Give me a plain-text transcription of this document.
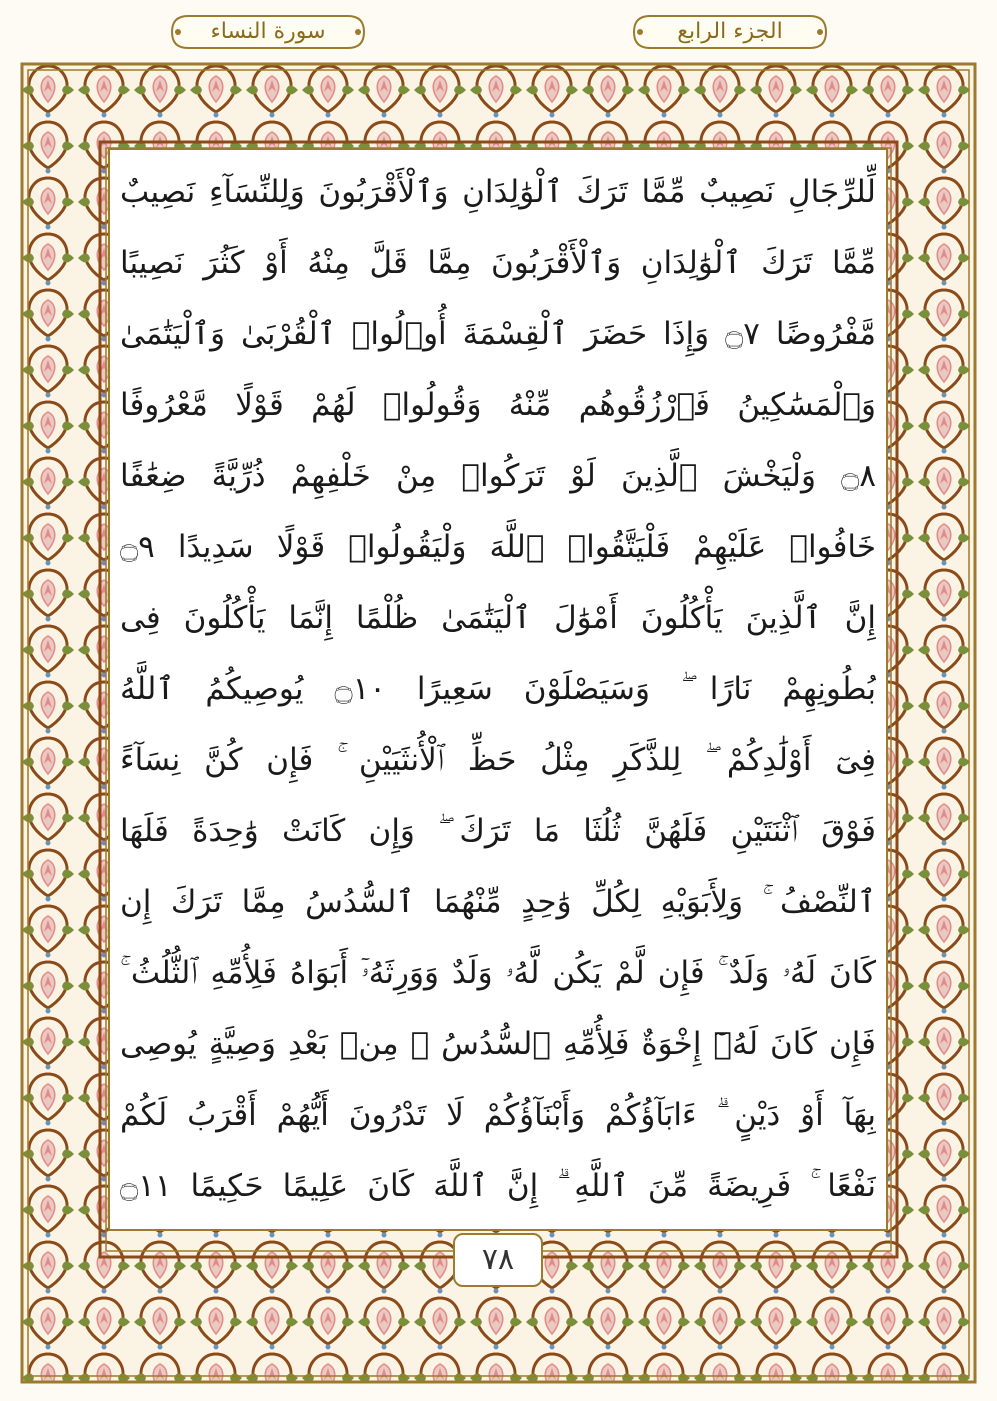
سورة النساء	الجزء الرابع
لِّلرِّجَالِ نَصِيبٌ مِّمَّا تَرَكَ ٱلْوَٰلِدَانِ وَٱلْأَقْرَبُونَ وَلِلنِّسَآءِ نَصِيبٌ
مِّمَّا تَرَكَ ٱلْوَٰلِدَانِ وَٱلْأَقْرَبُونَ مِمَّا قَلَّ مِنْهُ أَوْ كَثُرَ نَصِيبًا
مَّفْرُوضًا ۝٧ وَإِذَا حَضَرَ ٱلْقِسْمَةَ أُو۟لُوا۟ ٱلْقُرْبَىٰ وَٱلْيَتَٰمَىٰ
وَٱلْمَسَٰكِينُ فَٱرْزُقُوهُم مِّنْهُ وَقُولُوا۟ لَهُمْ قَوْلًا مَّعْرُوفًا
۝٨ وَلْيَخْشَ ٱلَّذِينَ لَوْ تَرَكُوا۟ مِنْ خَلْفِهِمْ ذُرِّيَّةً ضِعَٰفًا
خَافُوا۟ عَلَيْهِمْ فَلْيَتَّقُوا۟ ٱللَّهَ وَلْيَقُولُوا۟ قَوْلًا سَدِيدًا ۝٩
إِنَّ ٱلَّذِينَ يَأْكُلُونَ أَمْوَٰلَ ٱلْيَتَٰمَىٰ ظُلْمًا إِنَّمَا يَأْكُلُونَ فِى
بُطُونِهِمْ نَارًا ۖ وَسَيَصْلَوْنَ سَعِيرًا ۝١٠ يُوصِيكُمُ ٱللَّهُ
فِىٓ أَوْلَٰدِكُمْ ۖ لِلذَّكَرِ مِثْلُ حَظِّ ٱلْأُنثَيَيْنِ ۚ فَإِن كُنَّ نِسَآءً
فَوْقَ ٱثْنَتَيْنِ فَلَهُنَّ ثُلُثَا مَا تَرَكَ ۖ وَإِن كَانَتْ وَٰحِدَةً فَلَهَا
ٱلنِّصْفُ ۚ وَلِأَبَوَيْهِ لِكُلِّ وَٰحِدٍ مِّنْهُمَا ٱلسُّدُسُ مِمَّا تَرَكَ إِن
كَانَ لَهُۥ وَلَدٌ ۚ فَإِن لَّمْ يَكُن لَّهُۥ وَلَدٌ وَوَرِثَهُۥٓ أَبَوَاهُ فَلِأُمِّهِ ٱلثُّلُثُ ۚ
فَإِن كَانَ لَهُۥٓ إِخْوَةٌ فَلِأُمِّهِ ٱلسُّدُسُ ۚ مِنۢ بَعْدِ وَصِيَّةٍ يُوصِى
بِهَآ أَوْ دَيْنٍ ۗ ءَابَآؤُكُمْ وَأَبْنَآؤُكُمْ لَا تَدْرُونَ أَيُّهُمْ أَقْرَبُ لَكُمْ
نَفْعًا ۚ فَرِيضَةً مِّنَ ٱللَّهِ ۗ إِنَّ ٱللَّهَ كَانَ عَلِيمًا حَكِيمًا ۝١١
٧٨
